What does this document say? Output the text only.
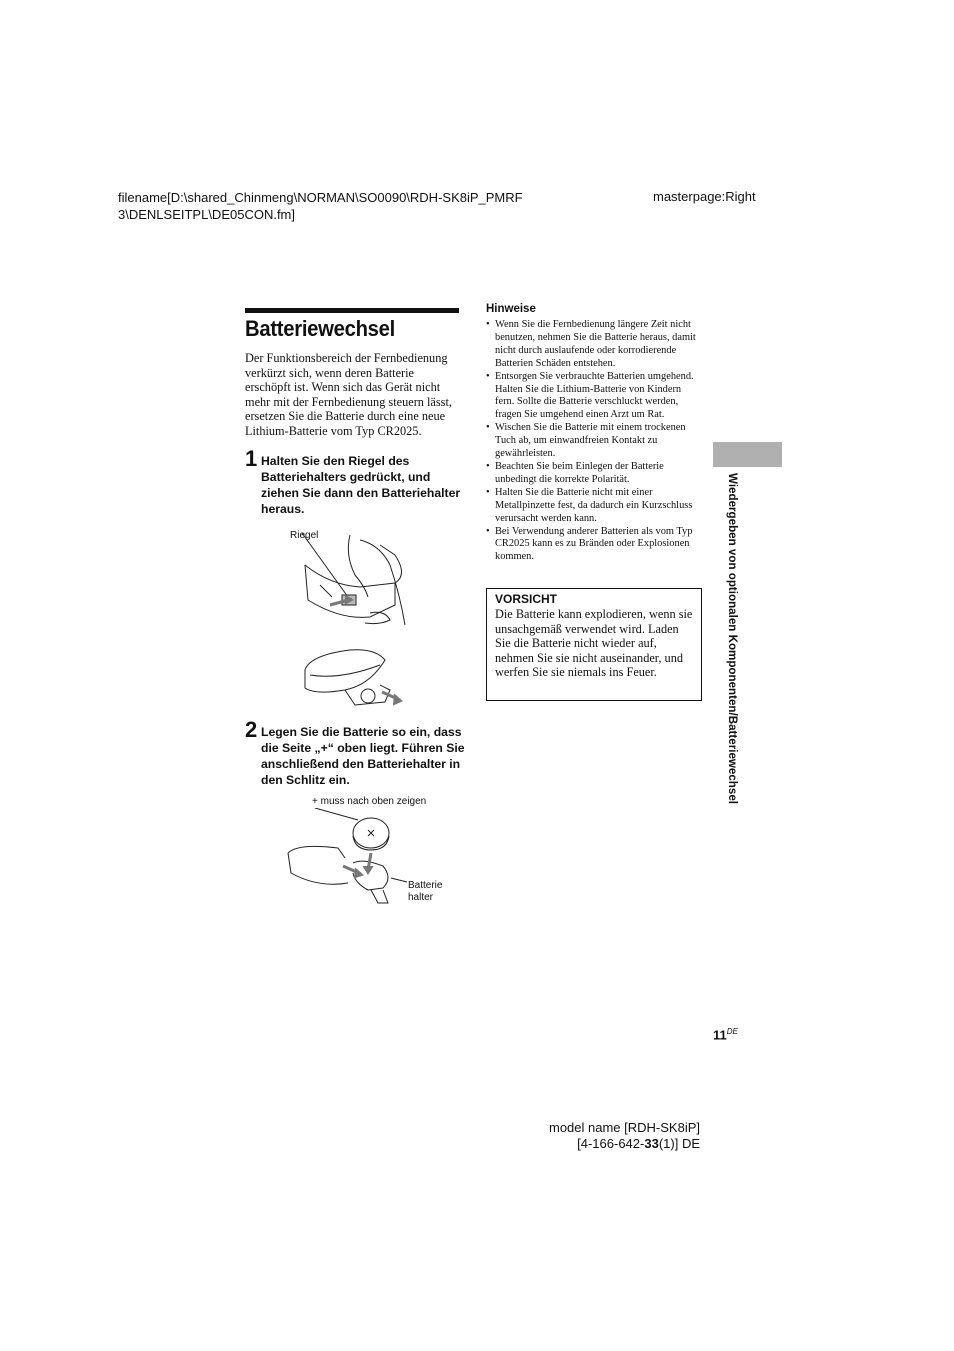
filename[D:\shared_Chinmeng\NORMAN\SO0090\RDH-SK8iP_PMRF
3\DENLSEITPL\DE05CON.fm]
masterpage:Right
Batteriewechsel
Der Funktionsbereich der Fernbedienung verkürzt sich, wenn deren Batterie erschöpft ist. Wenn sich das Gerät nicht mehr mit der Fernbedienung steuern lässt, ersetzen Sie die Batterie durch eine neue Lithium-Batterie vom Typ CR2025.
1 Halten Sie den Riegel des Batteriehalters gedrückt, und ziehen Sie dann den Batteriehalter heraus.
Riegel
2 Legen Sie die Batterie so ein, dass die Seite „+“ oben liegt. Führen Sie anschließend den Batteriehalter in den Schlitz ein.
+ muss nach oben zeigen
Batterie
halter
Hinweise
• Wenn Sie die Fernbedienung längere Zeit nicht benutzen, nehmen Sie die Batterie heraus, damit nicht durch auslaufende oder korrodierende Batterien Schäden entstehen.
• Entsorgen Sie verbrauchte Batterien umgehend. Halten Sie die Lithium-Batterie von Kindern fern. Sollte die Batterie verschluckt werden, fragen Sie umgehend einen Arzt um Rat.
• Wischen Sie die Batterie mit einem trockenen Tuch ab, um einwandfreien Kontakt zu gewährleisten.
• Beachten Sie beim Einlegen der Batterie unbedingt die korrekte Polarität.
• Halten Sie die Batterie nicht mit einer Metallpinzette fest, da dadurch ein Kurzschluss verursacht werden kann.
• Bei Verwendung anderer Batterien als vom Typ CR2025 kann es zu Bränden oder Explosionen kommen.
VORSICHT
Die Batterie kann explodieren, wenn sie unsachgemäß verwendet wird. Laden Sie die Batterie nicht wieder auf, nehmen Sie sie nicht auseinander, und werfen Sie sie niemals ins Feuer.	Wiedergeben von optionalen Komponenten/Batteriewechsel
11DE
model name [RDH-SK8iP]
[4-166-642-33(1)] DE
